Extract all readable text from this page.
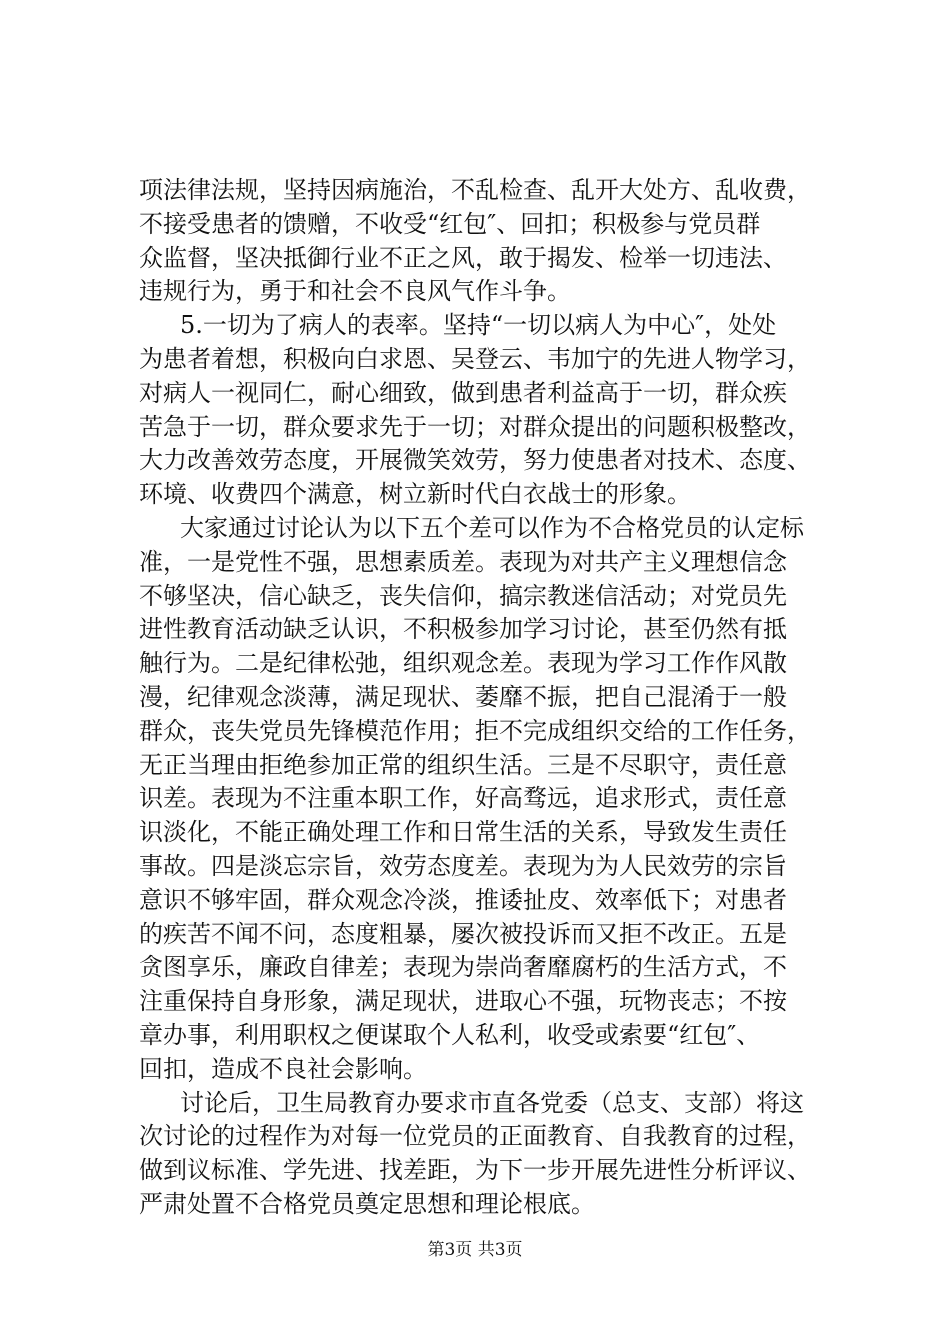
项法律法规，坚持因病施治，不乱检查、乱开大处方、乱收费，
不接受患者的馈赠，不收受“红包″、回扣；积极参与党员群
众监督，坚决抵御行业不正之风，敢于揭发、检举一切违法、
违规行为，勇于和社会不良风气作斗争。
5.一切为了病人的表率。坚持“一切以病人为中心″，处处
为患者着想，积极向白求恩、吴登云、韦加宁的先进人物学习，
对病人一视同仁，耐心细致，做到患者利益高于一切，群众疾
苦急于一切，群众要求先于一切；对群众提出的问题积极整改，
大力改善效劳态度，开展微笑效劳，努力使患者对技术、态度、
环境、收费四个满意，树立新时代白衣战士的形象。
大家通过讨论认为以下五个差可以作为不合格党员的认定标
准，一是党性不强，思想素质差。表现为对共产主义理想信念
不够坚决，信心缺乏，丧失信仰，搞宗教迷信活动；对党员先
进性教育活动缺乏认识，不积极参加学习讨论，甚至仍然有抵
触行为。二是纪律松弛，组织观念差。表现为学习工作作风散
漫，纪律观念淡薄，满足现状、萎靡不振，把自己混淆于一般
群众，丧失党员先锋模范作用；拒不完成组织交给的工作任务，
无正当理由拒绝参加正常的组织生活。三是不尽职守，责任意
识差。表现为不注重本职工作，好高骛远，追求形式，责任意
识淡化，不能正确处理工作和日常生活的关系，导致发生责任
事故。四是淡忘宗旨，效劳态度差。表现为为人民效劳的宗旨
意识不够牢固，群众观念冷淡，推诿扯皮、效率低下；对患者
的疾苦不闻不问，态度粗暴，屡次被投诉而又拒不改正。五是
贪图享乐，廉政自律差；表现为崇尚奢靡腐朽的生活方式，不
注重保持自身形象，满足现状，进取心不强，玩物丧志；不按
章办事，利用职权之便谋取个人私利，收受或索要“红包″、
回扣，造成不良社会影响。
讨论后，卫生局教育办要求市直各党委（总支、支部）将这
次讨论的过程作为对每一位党员的正面教育、自我教育的过程，
做到议标准、学先进、找差距，为下一步开展先进性分析评议、
严肃处置不合格党员奠定思想和理论根底。
第3页 共3页
